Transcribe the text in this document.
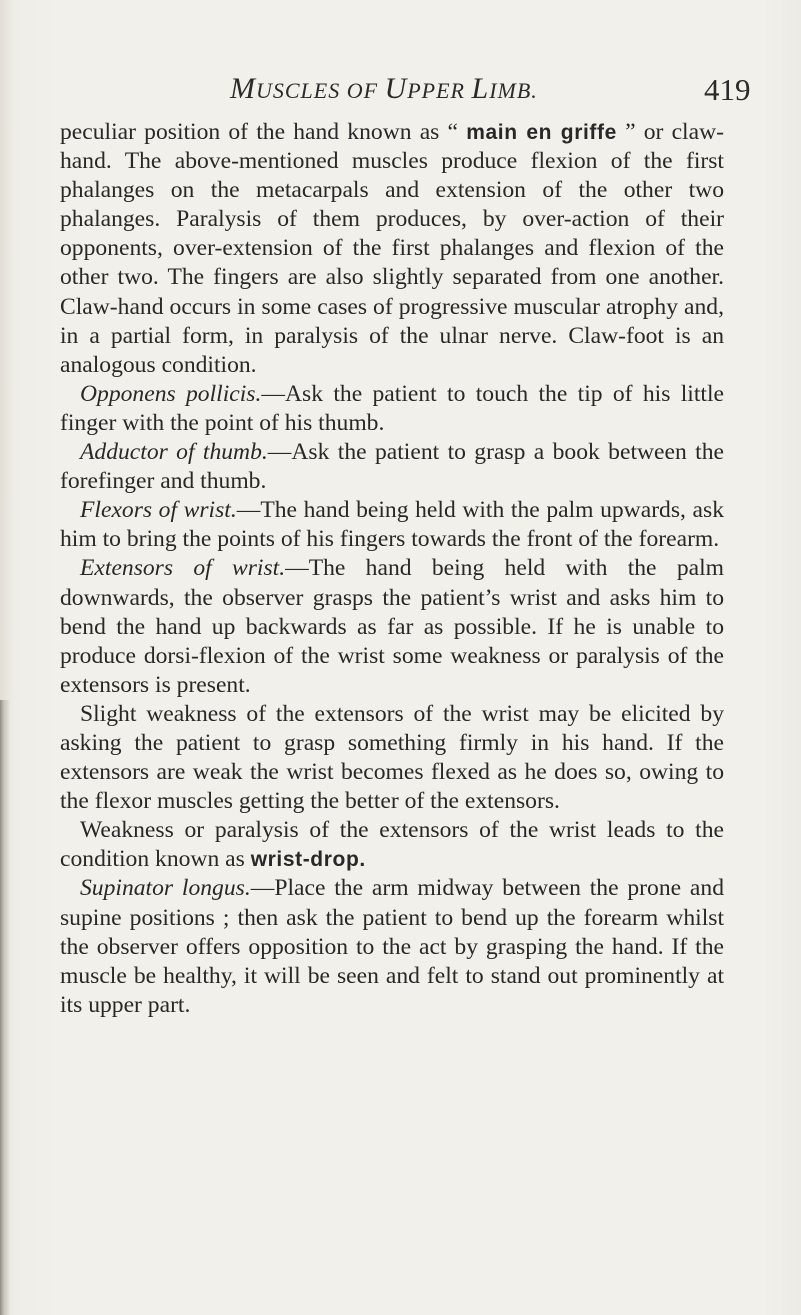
MUSCLES OF UPPER LIMB.	419

peculiar position of the hand known as “ main en griffe ” or claw-hand. The above-mentioned muscles produce flexion of the first phalanges on the metacarpals and extension of the other two phalanges. Paralysis of them produces, by over-action of their opponents, over-extension of the first phalanges and flexion of the other two. The fingers are also slightly separated from one another. Claw-hand occurs in some cases of progressive muscular atrophy and, in a partial form, in paralysis of the ulnar nerve. Claw-foot is an analogous condition.

Opponens pollicis.—Ask the patient to touch the tip of his little finger with the point of his thumb.

Adductor of thumb.—Ask the patient to grasp a book between the forefinger and thumb.

Flexors of wrist.—The hand being held with the palm upwards, ask him to bring the points of his fingers towards the front of the forearm.

Extensors of wrist.—The hand being held with the palm downwards, the observer grasps the patient’s wrist and asks him to bend the hand up backwards as far as possible. If he is unable to produce dorsi-flexion of the wrist some weakness or paralysis of the extensors is present.

Slight weakness of the extensors of the wrist may be elicited by asking the patient to grasp something firmly in his hand. If the extensors are weak the wrist becomes flexed as he does so, owing to the flexor muscles getting the better of the extensors.

Weakness or paralysis of the extensors of the wrist leads to the condition known as wrist-drop.

Supinator longus.—Place the arm midway between the prone and supine positions ; then ask the patient to bend up the forearm whilst the observer offers opposition to the act by grasping the hand. If the muscle be healthy, it will be seen and felt to stand out prominently at its upper part.
